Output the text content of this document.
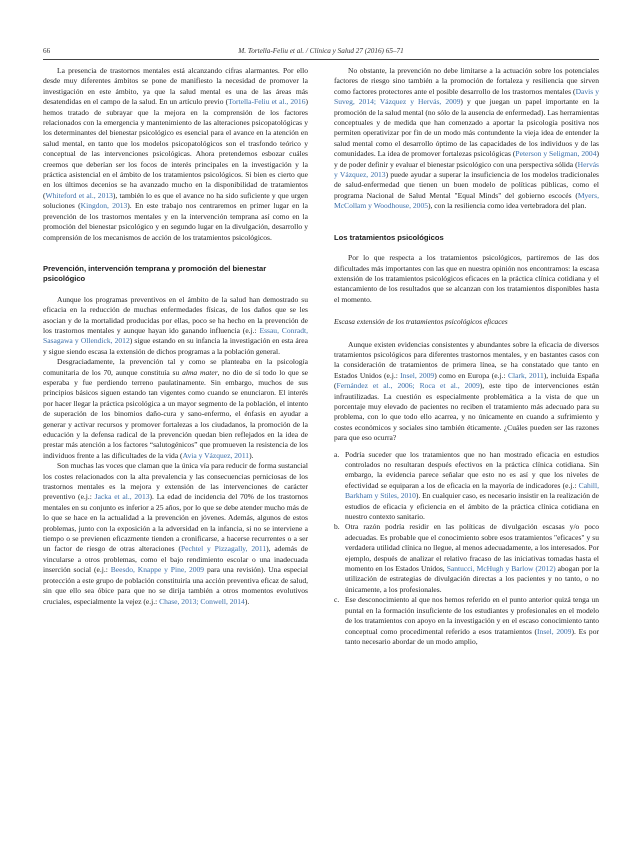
66	M. Tortella-Feliu et al. / Clínica y Salud 27 (2016) 65–71

La presencia de trastornos mentales está alcanzando cifras alarmantes. Por ello desde muy diferentes ámbitos se pone de manifiesto la necesidad de promover la investigación en este ámbito, ya que la salud mental es una de las áreas más desatendidas en el campo de la salud. En un artículo previo (Tortella-Feliu et al., 2016) hemos tratado de subrayar que la mejora en la comprensión de los factores relacionados con la emergencia y mantenimiento de las alteraciones psicopatológicas y los determinantes del bienestar psicológico es esencial para el avance en la atención en salud mental, en tanto que los modelos psicopatológicos son el trasfondo teórico y conceptual de las intervenciones psicológicas. Ahora pretendemos esbozar cuáles creemos que deberían ser los focos de interés principales en la investigación y la práctica asistencial en el ámbito de los tratamientos psicológicos. Si bien es cierto que en los últimos decenios se ha avanzado mucho en la disponibilidad de tratamientos (Whiteford et al., 2013), también lo es que el avance no ha sido suficiente y que urgen soluciones (Kingdon, 2013). En este trabajo nos centraremos en primer lugar en la prevención de los trastornos mentales y en la intervención temprana así como en la promoción del bienestar psicológico y en segundo lugar en la divulgación, desarrollo y comprensión de los mecanismos de acción de los tratamientos psicológicos.

Prevención, intervención temprana y promoción del bienestar psicológico

Aunque los programas preventivos en el ámbito de la salud han demostrado su eficacia en la reducción de muchas enfermedades físicas, de los daños que se les asocian y de la mortalidad producidas por ellas, poco se ha hecho en la prevención de los trastornos mentales y aunque hayan ido ganando influencia (e.j.: Essau, Conradt, Sasagawa y Ollendick, 2012) sigue estando en su infancia la investigación en esta área y sigue siendo escasa la extensión de dichos programas a la población general.

Desgraciadamente, la prevención tal y como se planteaba en la psicología comunitaria de los 70, aunque constituía su alma mater, no dio de sí todo lo que se esperaba y fue perdiendo terreno paulatinamente. Sin embargo, muchos de sus principios básicos siguen estando tan vigentes como cuando se enunciaron. El interés por hacer llegar la práctica psicológica a un mayor segmento de la población, el intento de superación de los binomios daño-cura y sano-enfermo, el énfasis en ayudar a generar y activar recursos y promover fortalezas a los ciudadanos, la promoción de la educación y la defensa radical de la prevención quedan bien reflejados en la idea de prestar más atención a los factores “salutogénicos” que promueven la resistencia de los individuos frente a las dificultades de la vida (Avia y Vázquez, 2011).

Son muchas las voces que claman que la única vía para reducir de forma sustancial los costes relacionados con la alta prevalencia y las consecuencias perniciosas de los trastornos mentales es la mejora y extensión de las intervenciones de carácter preventivo (e.j.: Jacka et al., 2013). La edad de incidencia del 70% de los trastornos mentales en su conjunto es inferior a 25 años, por lo que se debe atender mucho más de lo que se hace en la actualidad a la prevención en jóvenes. Además, algunos de estos problemas, junto con la exposición a la adversidad en la infancia, si no se interviene a tiempo o se previenen eficazmente tienden a cronificarse, a hacerse recurrentes o a ser un factor de riesgo de otras alteraciones (Pechtel y Pizzagally, 2011), además de vincularse a otros problemas, como el bajo rendimiento escolar o una inadecuada inserción social (e.j.: Beesdo, Knappe y Pine, 2009 para una revisión). Una especial protección a este grupo de población constituiría una acción preventiva eficaz de salud, sin que ello sea óbice para que no se dirija también a otros momentos evolutivos cruciales, especialmente la vejez (e.j.: Chase, 2013; Conwell, 2014).

No obstante, la prevención no debe limitarse a la actuación sobre los potenciales factores de riesgo sino también a la promoción de fortaleza y resiliencia que sirven como factores protectores ante el posible desarrollo de los trastornos mentales (Davis y Suveg, 2014; Vázquez y Hervás, 2009) y que juegan un papel importante en la promoción de la salud mental (no sólo de la ausencia de enfermedad). Las herramientas conceptuales y de medida que han comenzado a aportar la psicología positiva nos permiten operativizar por fin de un modo más contundente la vieja idea de entender la salud mental como el desarrollo óptimo de las capacidades de los individuos y de las comunidades. La idea de promover fortalezas psicológicas (Peterson y Seligman, 2004) y de poder definir y evaluar el bienestar psicológico con una perspectiva sólida (Hervás y Vázquez, 2013) puede ayudar a superar la insuficiencia de los modelos tradicionales de salud-enfermedad que tienen un buen modelo de políticas públicas, como el programa Nacional de Salud Mental "Equal Minds" del gobierno escocés (Myers, McCollam y Woodhouse, 2005), con la resiliencia como idea vertebradora del plan.

Los tratamientos psicológicos

Por lo que respecta a los tratamientos psicológicos, partiremos de las dos dificultades más importantes con las que en nuestra opinión nos encontramos: la escasa extensión de los tratamientos psicológicos eficaces en la práctica clínica cotidiana y el estancamiento de los resultados que se alcanzan con los tratamientos disponibles hasta el momento.

Escasa extensión de los tratamientos psicológicos eficaces

Aunque existen evidencias consistentes y abundantes sobre la eficacia de diversos tratamientos psicológicos para diferentes trastornos mentales, y en bastantes casos con la consideración de tratamientos de primera línea, se ha constatado que tanto en Estados Unidos (e.j.: Insel, 2009) como en Europa (e.j.: Clark, 2011), incluida España (Fernández et al., 2006; Roca et al., 2009), este tipo de intervenciones están infrautilizadas. La cuestión es especialmente problemática a la vista de que un porcentaje muy elevado de pacientes no reciben el tratamiento más adecuado para su problema, con lo que todo ello acarrea, y no únicamente en cuando a sufrimiento y costes económicos y sociales sino también éticamente. ¿Cuáles pueden ser las razones para que eso ocurra?

a. Podría suceder que los tratamientos que no han mostrado eficacia en estudios controlados no resultaran después efectivos en la práctica clínica cotidiana. Sin embargo, la evidencia parece señalar que esto no es así y que los niveles de efectividad se equiparan a los de eficacia en la mayoría de indicadores (e.j.: Cahill, Barkham y Stiles, 2010). En cualquier caso, es necesario insistir en la realización de estudios de eficacia y eficiencia en el ámbito de la práctica clínica cotidiana en nuestro contexto sanitario.
b. Otra razón podría residir en las políticas de divulgación escasas y/o poco adecuadas. Es probable que el conocimiento sobre esos tratamientos "eficaces" y su verdadera utilidad clínica no llegue, al menos adecuadamente, a los interesados. Por ejemplo, después de analizar el relativo fracaso de las iniciativas tomadas hasta el momento en los Estados Unidos, Santucci, McHugh y Barlow (2012) abogan por la utilización de estrategias de divulgación directas a los pacientes y no tanto, o no únicamente, a los profesionales.
c. Ese desconocimiento al que nos hemos referido en el punto anterior quizá tenga un puntal en la formación insuficiente de los estudiantes y profesionales en el modelo de los tratamientos con apoyo en la investigación y en el escaso conocimiento tanto conceptual como procedimental referido a esos tratamientos (Insel, 2009). Es por tanto necesario abordar de un modo amplio,
